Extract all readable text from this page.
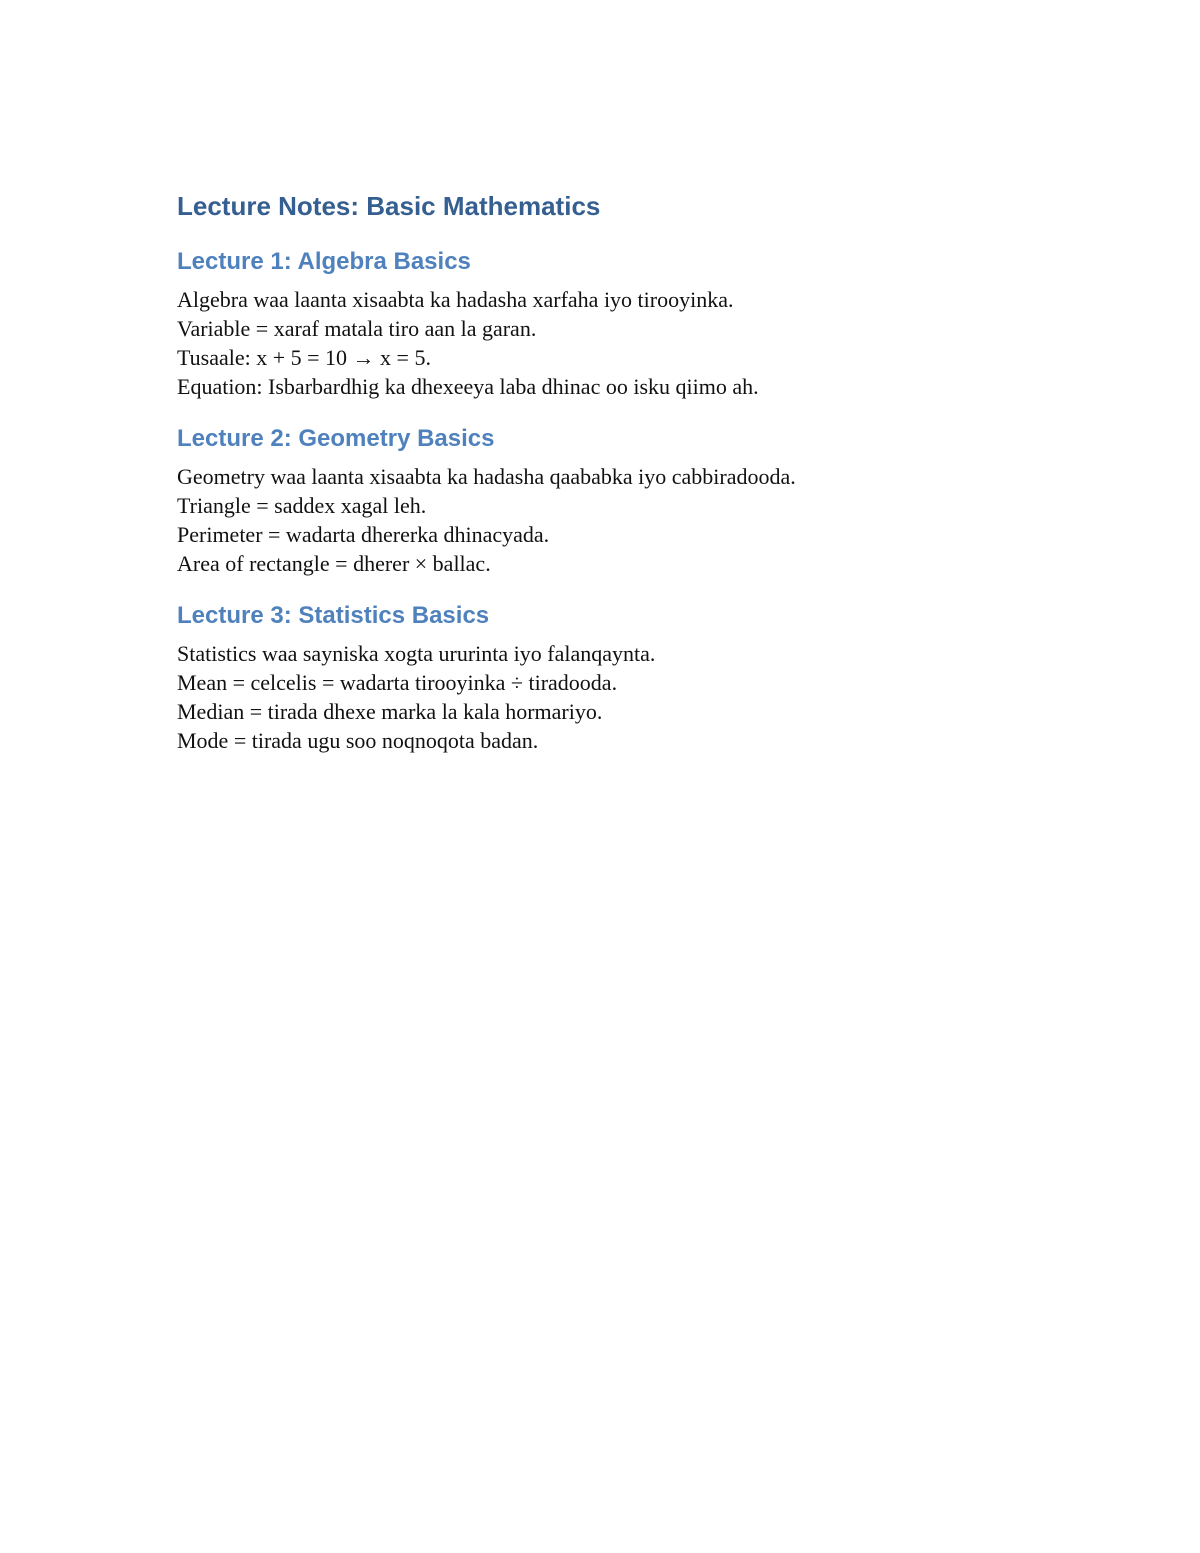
Lecture Notes: Basic Mathematics
Lecture 1: Algebra Basics

Algebra waa laanta xisaabta ka hadasha xarfaha iyo tirooyinka.

Variable = xaraf matala tiro aan la garan.

Tusaale: x + 5 = 10 → x = 5.

Equation: Isbarbardhig ka dhexeeya laba dhinac oo isku qiimo ah.

Lecture 2: Geometry Basics

Geometry waa laanta xisaabta ka hadasha qaababka iyo cabbiradooda.

Triangle = saddex xagal leh.

Perimeter = wadarta dhererka dhinacyada.

Area of rectangle = dherer × ballac.

Lecture 3: Statistics Basics

Statistics waa sayniska xogta ururinta iyo falanqaynta.

Mean = celcelis = wadarta tirooyinka ÷ tiradooda.

Median = tirada dhexe marka la kala hormariyo.

Mode = tirada ugu soo noqnoqota badan.
